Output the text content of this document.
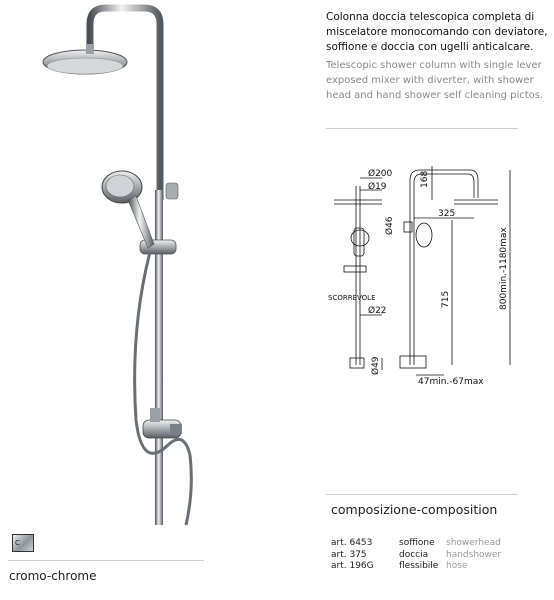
Colonna doccia telescopica completa di miscelatore monocomando con deviatore, soffione e doccia con ugelli anticalcare.
Telescopic shower column with single lever exposed mixer with diverter, with shower head and hand shower self cleaning pictos.
Ø200
Ø19	168
325
Ø46
SCORREVOLE	715
Ø22
Ø49
47min.-67max
800min.-1180max
composizione-composition
art. 6453	soffione	showerhead
art. 375	doccia	handshower
art. 196G	flessibile hose
C
cromo-chrome
